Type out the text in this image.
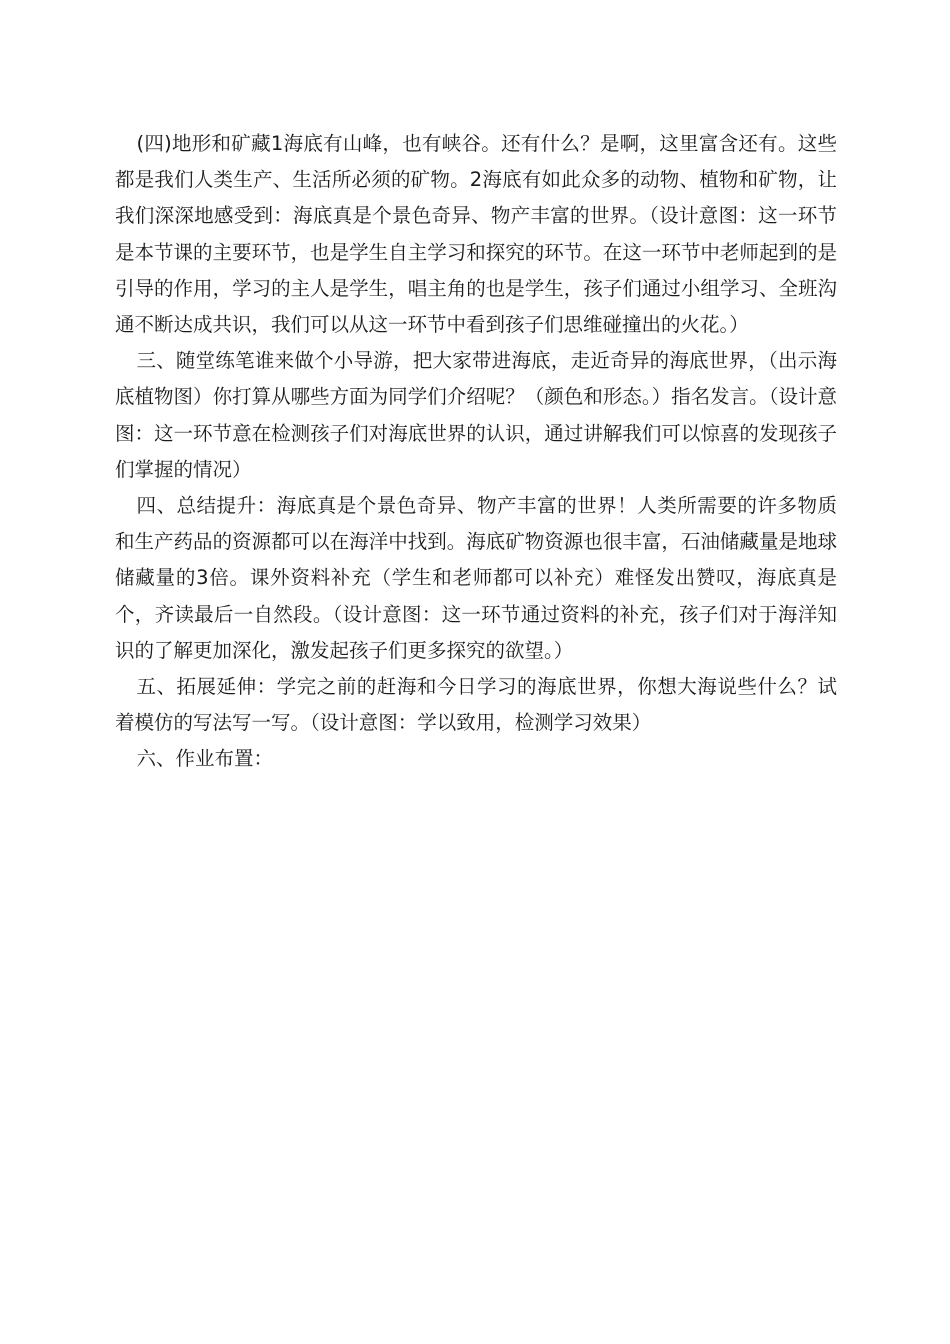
(四)地形和矿藏1海底有山峰，也有峡谷。还有什么？是啊，这里富含还有。这些都是我们人类生产、生活所必须的矿物。2海底有如此众多的动物、植物和矿物，让我们深深地感受到：海底真是个景色奇异、物产丰富的世界。（设计意图：这一环节是本节课的主要环节，也是学生自主学习和探究的环节。在这一环节中老师起到的是引导的作用，学习的主人是学生，唱主角的也是学生，孩子们通过小组学习、全班沟通不断达成共识，我们可以从这一环节中看到孩子们思维碰撞出的火花。）

三、随堂练笔谁来做个小导游，把大家带进海底，走近奇异的海底世界，（出示海底植物图）你打算从哪些方面为同学们介绍呢？（颜色和形态。）指名发言。（设计意图：这一环节意在检测孩子们对海底世界的认识，通过讲解我们可以惊喜的发现孩子们掌握的情况）

四、总结提升：海底真是个景色奇异、物产丰富的世界！人类所需要的许多物质和生产药品的资源都可以在海洋中找到。海底矿物资源也很丰富，石油储藏量是地球储藏量的3倍。课外资料补充（学生和老师都可以补充）难怪发出赞叹，海底真是个，齐读最后一自然段。（设计意图：这一环节通过资料的补充，孩子们对于海洋知识的了解更加深化，激发起孩子们更多探究的欲望。）

五、拓展延伸：学完之前的赶海和今日学习的海底世界，你想大海说些什么？试着模仿的写法写一写。（设计意图：学以致用，检测学习效果）

六、作业布置：
